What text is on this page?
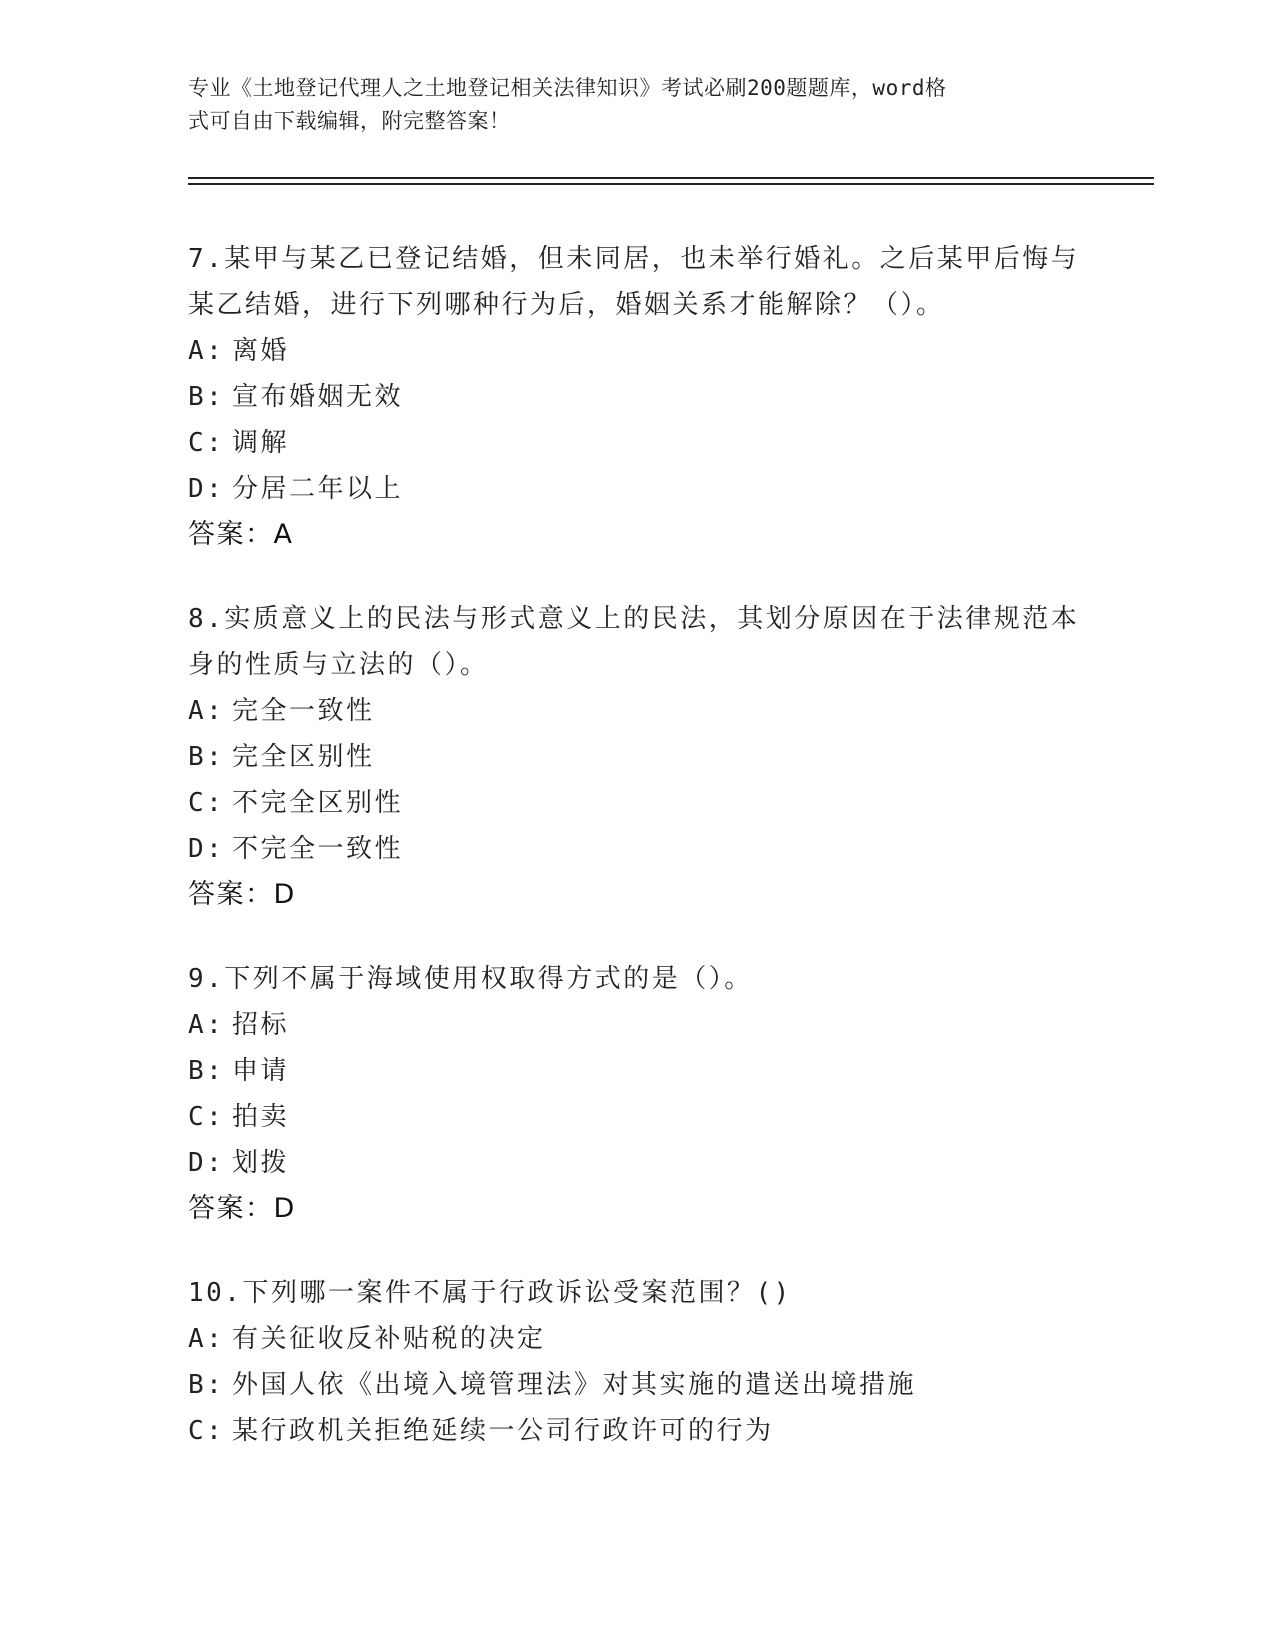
专业《土地登记代理人之土地登记相关法律知识》考试必刷200题题库，word格
式可自由下载编辑，附完整答案！
7.某甲与某乙已登记结婚，但未同居，也未举行婚礼。之后某甲后悔与某乙结婚，进行下列哪种行为后，婚姻关系才能解除？（）。
A: 离婚
B: 宣布婚姻无效
C: 调解
D: 分居二年以上
答案：A
8.实质意义上的民法与形式意义上的民法，其划分原因在于法律规范本身的性质与立法的（）。
A: 完全一致性
B: 完全区别性
C: 不完全区别性
D: 不完全一致性
答案：D
9.下列不属于海域使用权取得方式的是（）。
A: 招标
B: 申请
C: 拍卖
D: 划拨
答案：D
10.下列哪一案件不属于行政诉讼受案范围？()
A: 有关征收反补贴税的决定
B: 外国人依《出境入境管理法》对其实施的遣送出境措施
C: 某行政机关拒绝延续一公司行政许可的行为
